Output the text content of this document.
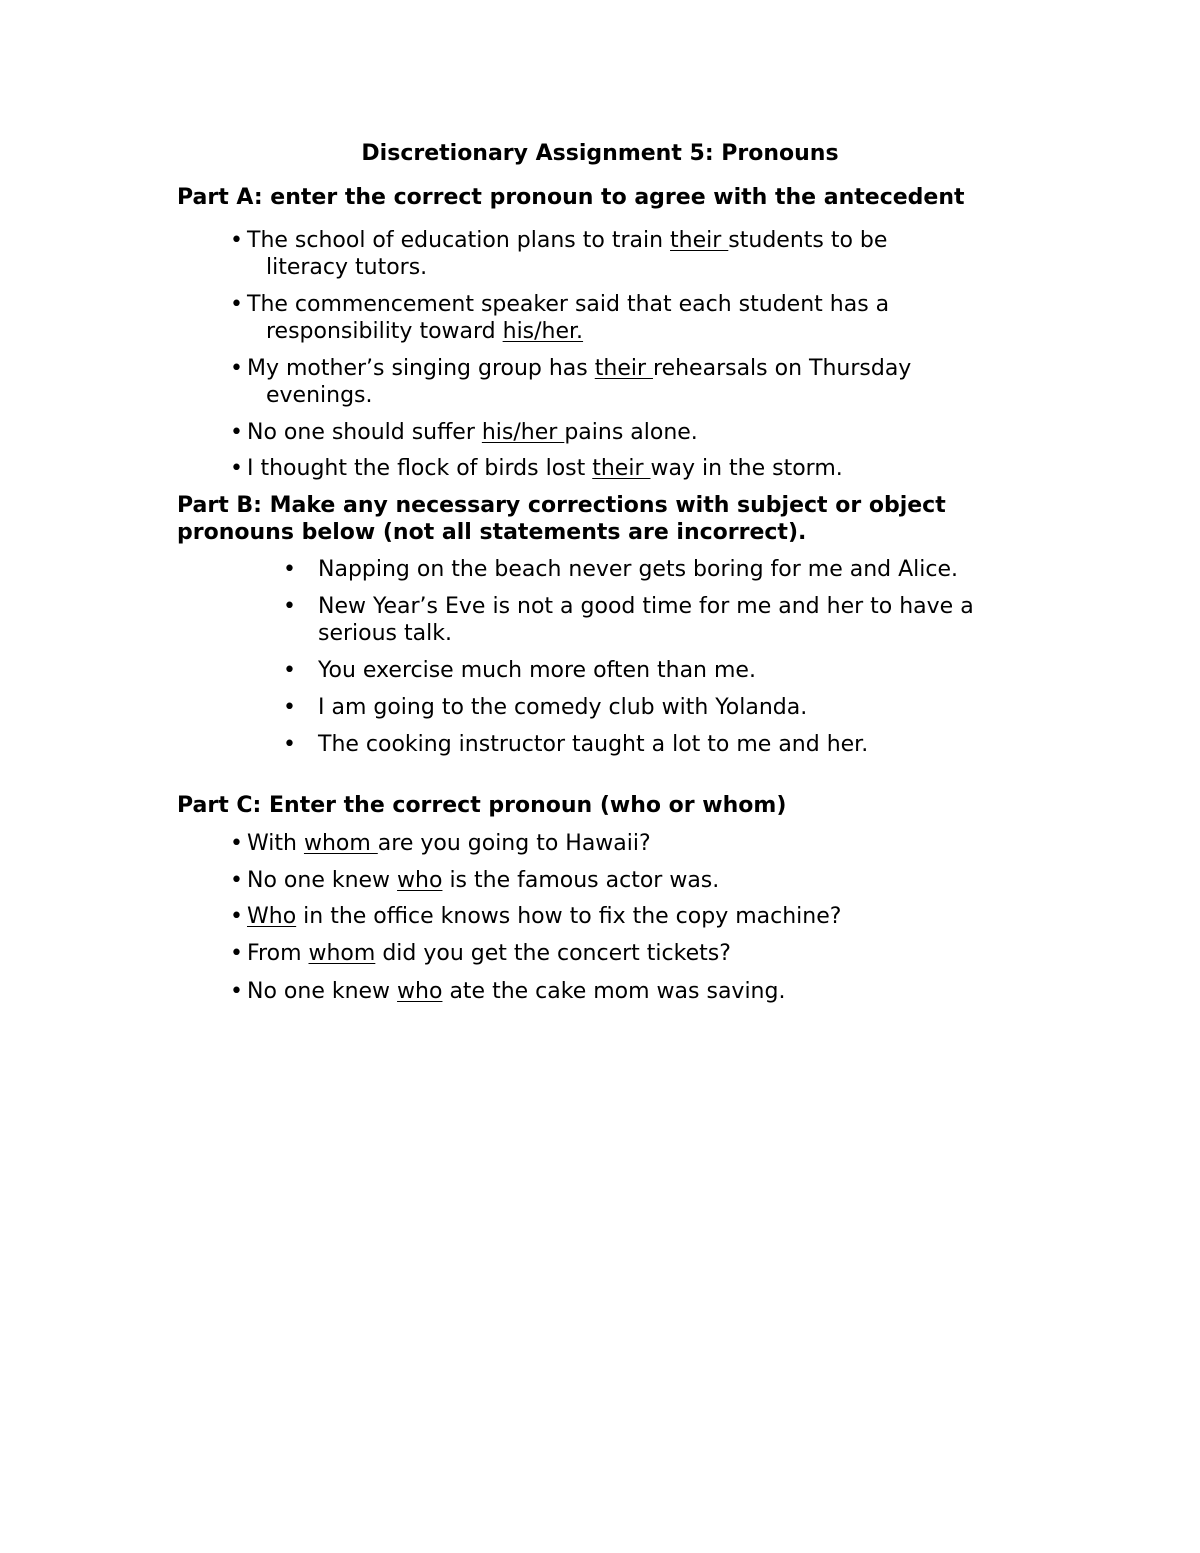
Discretionary Assignment 5: Pronouns

Part A: enter the correct pronoun to agree with the antecedent

• The school of education plans to train their students to be
literacy tutors.
• The commencement speaker said that each student has a
responsibility toward his/her.
• My mother’s singing group has their rehearsals on Thursday
evenings.
• No one should suffer his/her pains alone.
• I thought the flock of birds lost their way in the storm.

Part B: Make any necessary corrections with subject or object
pronouns below (not all statements are incorrect).

• Napping on the beach never gets boring for me and Alice.
• New Year’s Eve is not a good time for me and her to have a
serious talk.
• You exercise much more often than me.
• I am going to the comedy club with Yolanda.
• The cooking instructor taught a lot to me and her.

Part C: Enter the correct pronoun (who or whom)

• With whom are you going to Hawaii?
• No one knew who is the famous actor was.
• Who in the office knows how to fix the copy machine?
• From whom did you get the concert tickets?
• No one knew who ate the cake mom was saving.
